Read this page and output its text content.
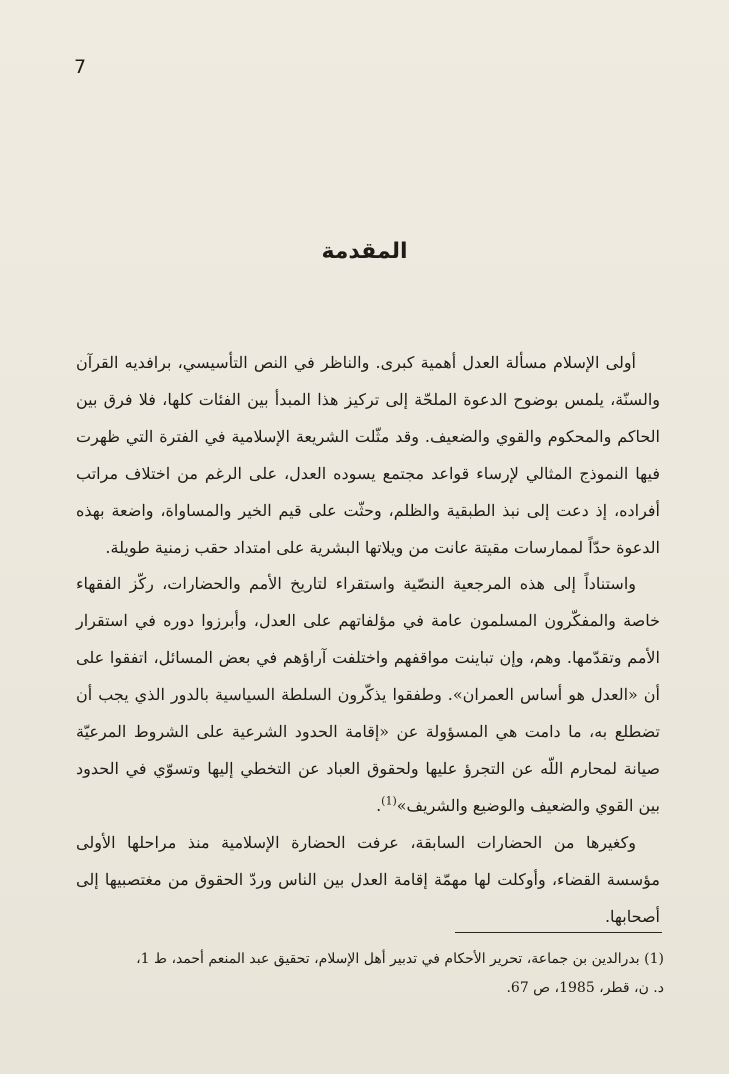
7
المقدمة

أولى الإسلام مسألة العدل أهمية كبرى. والناظر في النص التأسيسي، برافديه القرآن والسنّة، يلمس بوضوح الدعوة الملحّة إلى تركيز هذا المبدأ بين الفئات كلها، فلا فرق بين الحاكم والمحكوم والقوي والضعيف. وقد مثّلت الشريعة الإسلامية في الفترة التي ظهرت فيها النموذج المثالي لإرساء قواعد مجتمع يسوده العدل، على الرغم من اختلاف مراتب أفراده، إذ دعت إلى نبذ الطبقية والظلم، وحثّت على قيم الخير والمساواة، واضعة بهذه الدعوة حدّاً لممارسات مقيتة عانت من ويلاتها البشرية على امتداد حقب زمنية طويلة.

واستناداً إلى هذه المرجعية النصّية واستقراء لتاريخ الأمم والحضارات، ركّز الفقهاء خاصة والمفكّرون المسلمون عامة في مؤلفاتهم على العدل، وأبرزوا دوره في استقرار الأمم وتقدّمها. وهم، وإن تباينت مواقفهم واختلفت آراؤهم في بعض المسائل، اتفقوا على أن «العدل هو أساس العمران». وطفقوا يذكّرون السلطة السياسية بالدور الذي يجب أن تضطلع به، ما دامت هي المسؤولة عن «إقامة الحدود الشرعية على الشروط المرعيّة صيانة لمحارم اللّه عن التجرؤ عليها ولحقوق العباد عن التخطي إليها وتسوّي في الحدود بين القوي والضعيف والوضيع والشريف»$^{(1)}$.

وكغيرها من الحضارات السابقة، عرفت الحضارة الإسلامية منذ مراحلها الأولى مؤسسة القضاء، وأوكلت لها مهمّة إقامة العدل بين الناس وردّ الحقوق من مغتصبيها إلى أصحابها.

(1) بدرالدين بن جماعة، تحرير الأحكام في تدبير أهل الإسلام، تحقيق عبد المنعم أحمد، ط 1،
د. ن، قطر، 1985، ص 67.
